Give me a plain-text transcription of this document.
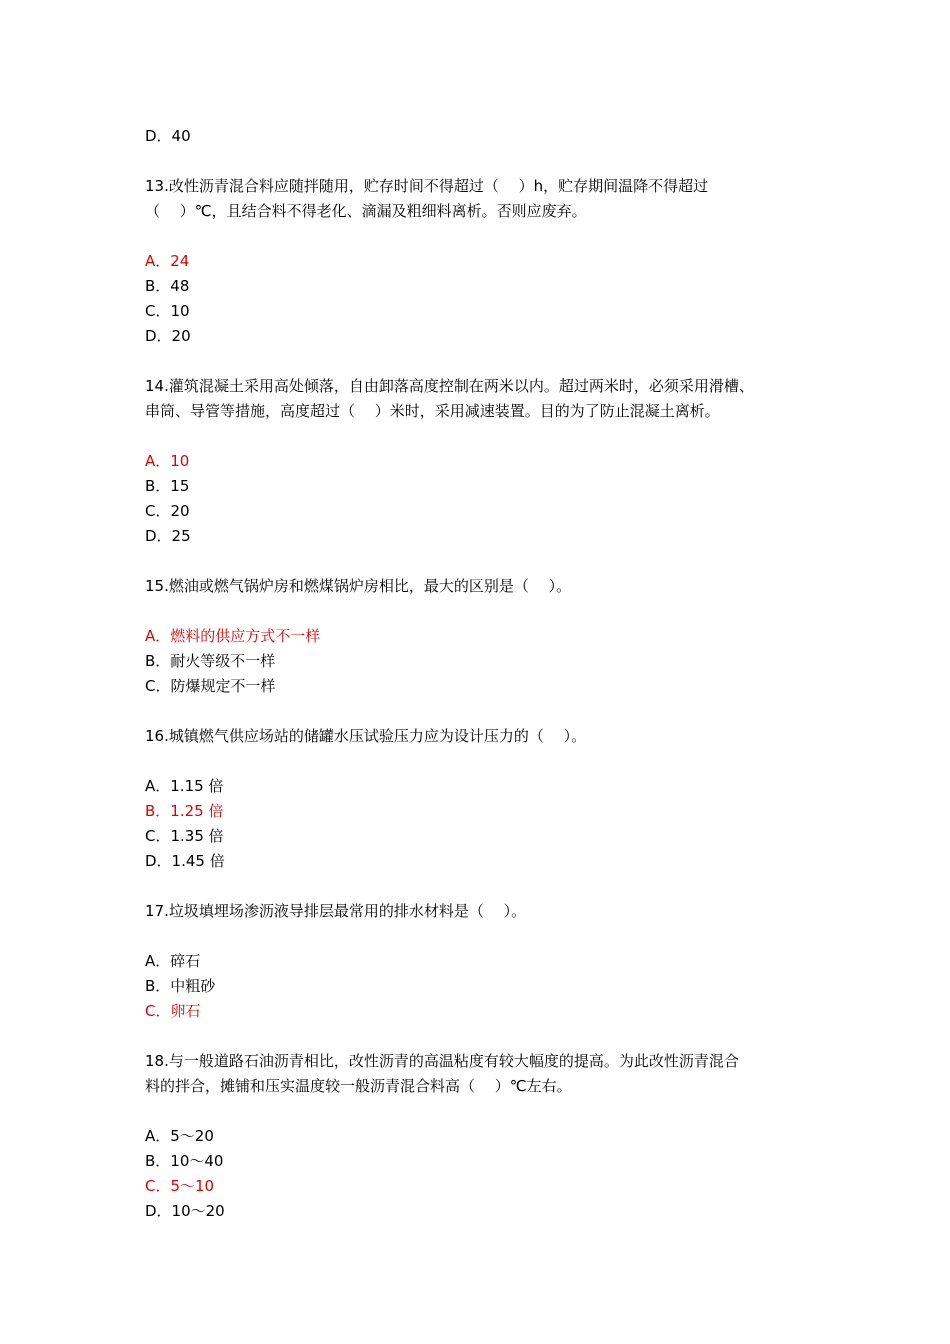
D．40
13.改性沥青混合料应随拌随用，贮存时间不得超过（　 ）h，贮存期间温降不得超过
（　 ）℃，且结合料不得老化、滴漏及粗细料离析。否则应废弃。
A．24
B．48
C．10
D．20
14.灌筑混凝土采用高处倾落，自由卸落高度控制在两米以内。超过两米时，必须采用滑槽、
串筒、导管等措施，高度超过（　 ）米时，采用减速装置。目的为了防止混凝土离析。
A．10
B．15
C．20
D．25
15.燃油或燃气锅炉房和燃煤锅炉房相比，最大的区别是（　 ）。
A．燃料的供应方式不一样
B．耐火等级不一样
C．防爆规定不一样
16.城镇燃气供应场站的储罐水压试验压力应为设计压力的（　 ）。
A．1.15 倍
B．1.25 倍
C．1.35 倍
D．1.45 倍
17.垃圾填埋场渗沥液导排层最常用的排水材料是（　 ）。
A．碎石
B．中粗砂
C．卵石
18.与一般道路石油沥青相比，改性沥青的高温粘度有较大幅度的提高。为此改性沥青混合
料的拌合，摊铺和压实温度较一般沥青混合料高（　 ）℃左右。
A．5～20
B．10～40
C．5～10
D．10～20
